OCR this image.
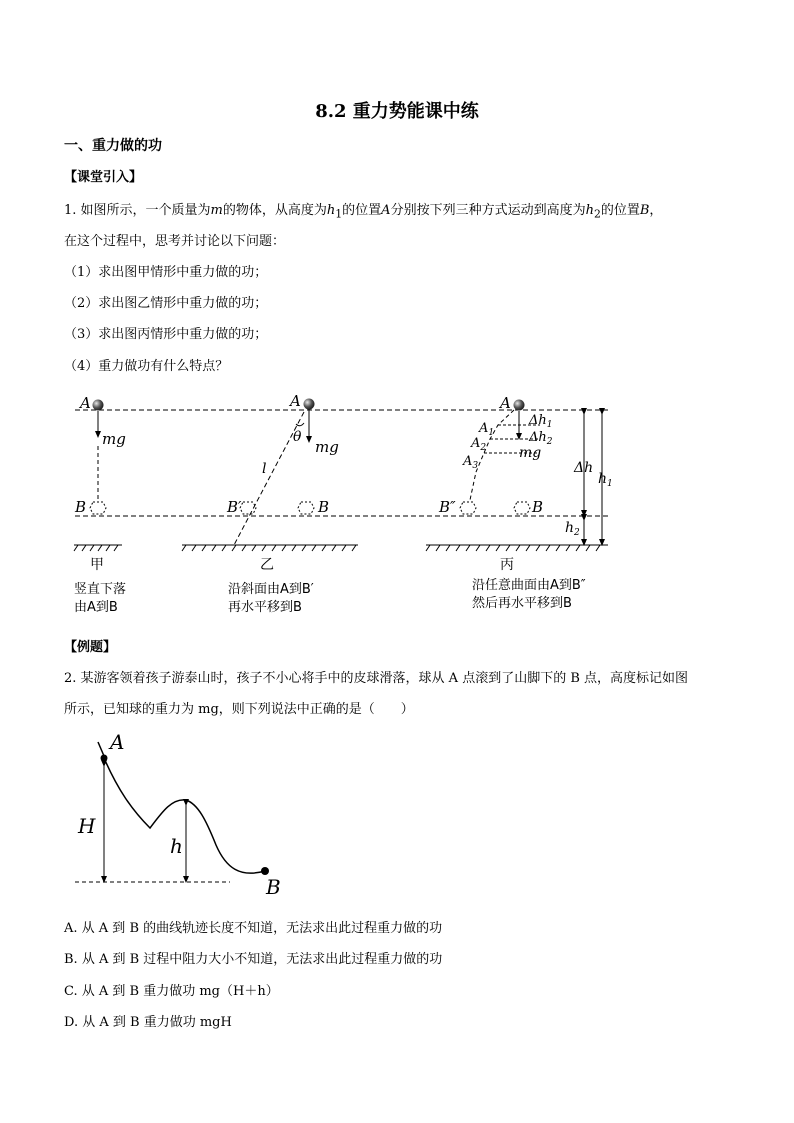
8.2 重力势能课中练
一、重力做的功
【课堂引入】
1. 如图所示，一个质量为m的物体，从高度为$h_1$的位置A分别按下列三种方式运动到高度为$h_2$的位置B，
在这个过程中，思考并讨论以下问题：
（1）求出图甲情形中重力做的功；
（2）求出图乙情形中重力做的功；
（3）求出图丙情形中重力做的功；
（4）重力做功有什么特点？
A
mg
B
甲
竖直下落
由A到B
A
mg
θ
l
B′	B
乙
沿斜面由A到B′
再水平移到B
A
mg
$A_1$
$A_2$
$A_3$
$\Delta h_1$
$\Delta h_2$
B″	B
Δh
$h_1$
$h_2$
丙
沿任意曲面由A到B″
然后再水平移到B
【例题】
2. 某游客领着孩子游泰山时，孩子不小心将手中的皮球滑落，球从 A 点滚到了山脚下的 B 点，高度标记如图
所示，已知球的重力为 mg，则下列说法中正确的是（　　）
A
B
H
h
A. 从 A 到 B 的曲线轨迹长度不知道，无法求出此过程重力做的功
B. 从 A 到 B 过程中阻力大小不知道，无法求出此过程重力做的功
C. 从 A 到 B 重力做功 mg（H＋h）
D. 从 A 到 B 重力做功 mgH
